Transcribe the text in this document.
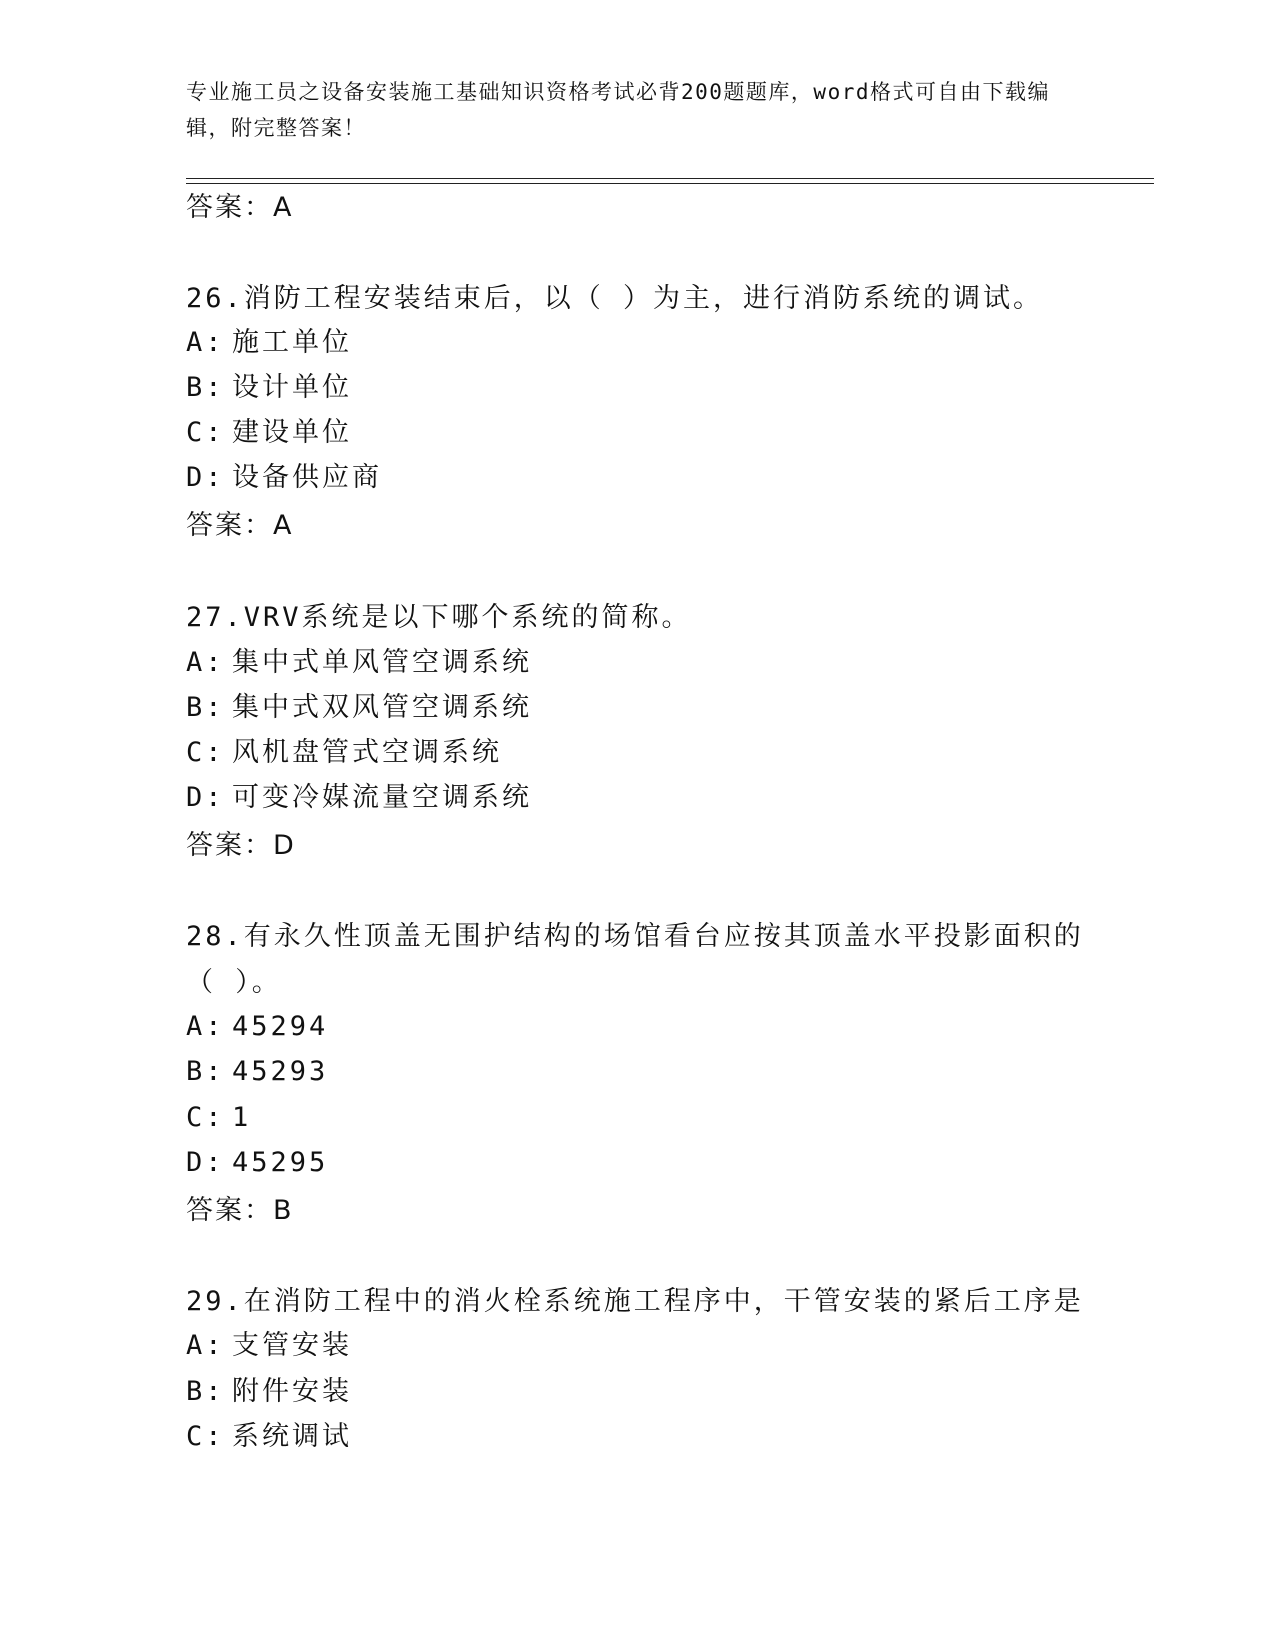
专业施工员之设备安装施工基础知识资格考试必背200题题库，word格式可自由下载编辑，附完整答案！
答案：A
26.消防工程安装结束后，以（ ）为主，进行消防系统的调试。
A: 施工单位
B: 设计单位
C: 建设单位
D: 设备供应商
答案：A
27.VRV系统是以下哪个系统的简称。
A: 集中式单风管空调系统
B: 集中式双风管空调系统
C: 风机盘管式空调系统
D: 可变冷媒流量空调系统
答案：D
28.有永久性顶盖无围护结构的场馆看台应按其顶盖水平投影面积的（ ）。
A: 45294
B: 45293
C: 1
D: 45295
答案：B
29.在消防工程中的消火栓系统施工程序中，干管安装的紧后工序是
A: 支管安装
B: 附件安装
C: 系统调试
